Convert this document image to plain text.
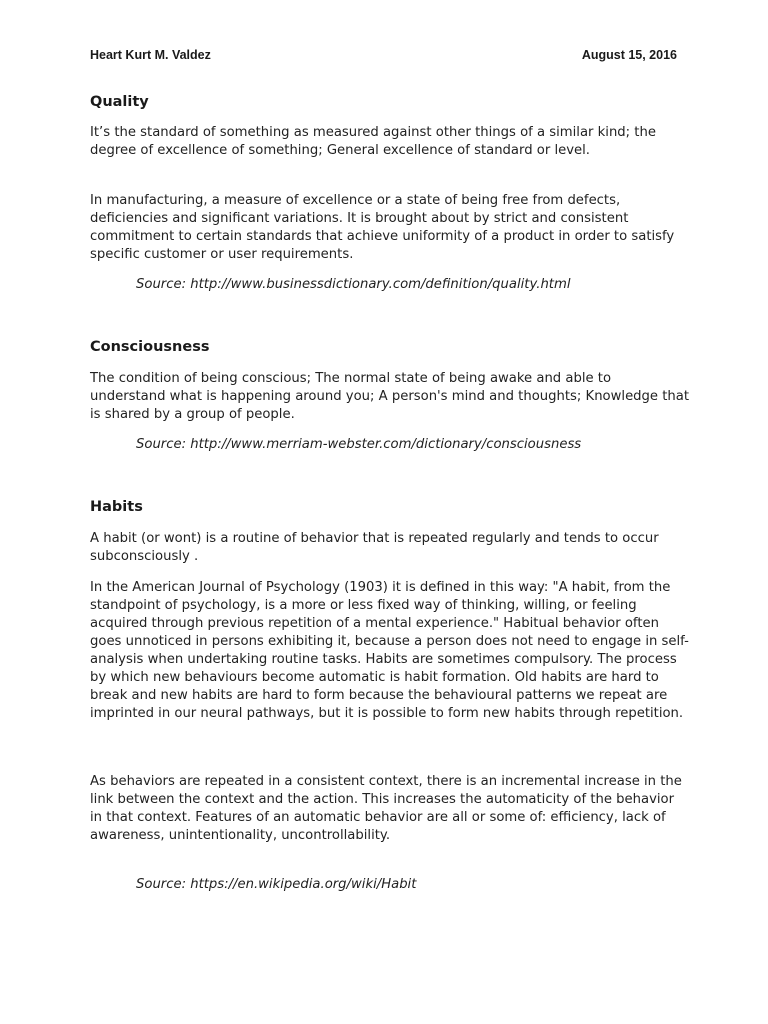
Heart Kurt M. Valdez	August 15, 2016
Quality

It’s the standard of something as measured against other things of a similar kind; the degree of excellence of something; General excellence of standard or level.

In manufacturing, a measure of excellence or a state of being free from defects, deficiencies and significant variations. It is brought about by strict and consistent commitment to certain standards that achieve uniformity of a product in order to satisfy specific customer or user requirements.

Source: http://www.businessdictionary.com/definition/quality.html

Consciousness

The condition of being conscious; The normal state of being awake and able to understand what is happening around you; A person's mind and thoughts; Knowledge that is shared by a group of people.

Source: http://www.merriam-webster.com/dictionary/consciousness

Habits

A habit (or wont) is a routine of behavior that is repeated regularly and tends to occur subconsciously .

In the American Journal of Psychology (1903) it is defined in this way: "A habit, from the standpoint of psychology, is a more or less fixed way of thinking, willing, or feeling acquired through previous repetition of a mental experience." Habitual behavior often goes unnoticed in persons exhibiting it, because a person does not need to engage in self-analysis when undertaking routine tasks. Habits are sometimes compulsory. The process by which new behaviours become automatic is habit formation. Old habits are hard to break and new habits are hard to form because the behavioural patterns we repeat are imprinted in our neural pathways, but it is possible to form new habits through repetition.

As behaviors are repeated in a consistent context, there is an incremental increase in the link between the context and the action. This increases the automaticity of the behavior in that context. Features of an automatic behavior are all or some of: efficiency, lack of awareness, unintentionality, uncontrollability.

Source: https://en.wikipedia.org/wiki/Habit
